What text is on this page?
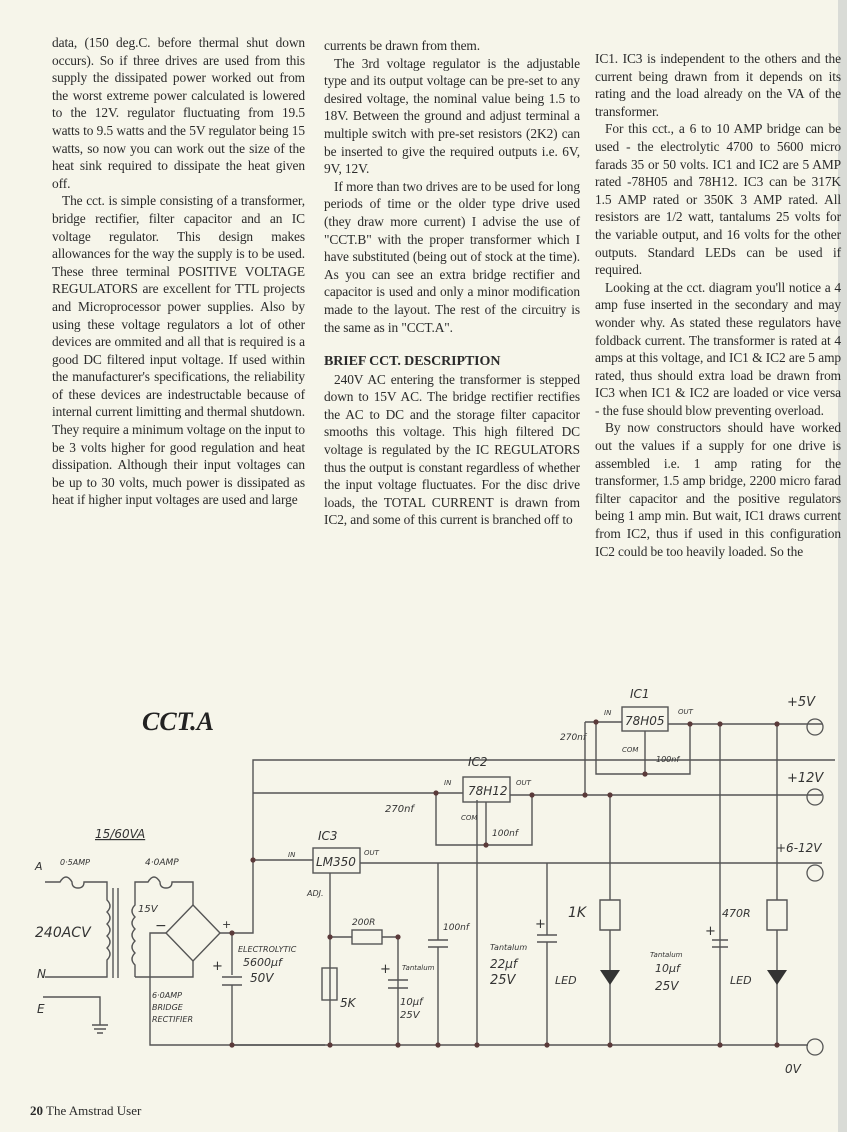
data, (150 deg.C. before thermal shut down occurs). So if three drives are used from this supply the dissipated power worked out from the worst extreme power calculated is lowered to the 12V. regulator fluctuating from 19.5 watts to 9.5 watts and the 5V regulator being 15 watts, so now you can work out the size of the heat sink required to dissipate the heat given off.

The cct. is simple consisting of a transformer, bridge rectifier, filter capacitor and an IC voltage regulator. This design makes allowances for the way the supply is to be used. These three terminal POSITIVE VOLTAGE REGULATORS are excellent for TTL projects and Microprocessor power supplies. Also by using these voltage regulators a lot of other devices are ommited and all that is required is a good DC filtered input voltage. If used within the manufacturer's specifications, the reliability of these devices are indestructable because of internal current limitting and thermal shutdown. They require a minimum voltage on the input to be 3 volts higher for good regulation and heat dissipation. Although their input voltages can be up to 30 volts, much power is dissipated as heat if higher input voltages are used and large

currents be drawn from them.

The 3rd voltage regulator is the adjustable type and its output voltage can be pre-set to any desired voltage, the nominal value being 1.5 to 18V. Between the ground and adjust terminal a multiple switch with pre-set resistors (2K2) can be inserted to give the required outputs i.e. 6V, 9V, 12V.

If more than two drives are to be used for long periods of time or the older type drive used (they draw more current) I advise the use of "CCT.B" with the proper transformer which I have substituted (being out of stock at the time). As you can see an extra bridge rectifier and capacitor is used and only a minor modification made to the layout. The rest of the circuitry is the same as in "CCT.A".

BRIEF CCT. DESCRIPTION

240V AC entering the transformer is stepped down to 15V AC. The bridge rectifier rectifies the AC to DC and the storage filter capacitor smooths this voltage. This high filtered DC voltage is regulated by the IC REGULATORS thus the output is constant regardless of whether the input voltage fluctuates. For the disc drive loads, the TOTAL CURRENT is drawn from IC2, and some of this current is branched off to

IC1. IC3 is independent to the others and the current being drawn from it depends on its rating and the load already on the VA of the transformer.

For this cct., a 6 to 10 AMP bridge can be used - the electrolytic 4700 to 5600 micro farads 35 or 50 volts. IC1 and IC2 are 5 AMP rated -78H05 and 78H12. IC3 can be 317K 1.5 AMP rated or 350K 3 AMP rated. All resistors are 1/2 watt, tantalums 25 volts for the variable output, and 16 volts for the other outputs. Standard LEDs can be used if required.

Looking at the cct. diagram you'll notice a 4 amp fuse inserted in the secondary and may wonder why. As stated these regulators have foldback current. The transformer is rated at 4 amps at this voltage, and IC1 & IC2 are 5 amp rated, thus should extra load be drawn from IC3 when IC1 & IC2 are loaded or vice versa - the fuse should blow preventing overload.

By now constructors should have worked out the values if a supply for one drive is assembled i.e. 1 amp rating for the transformer, 1.5 amp bridge, 2200 micro farad filter capacitor and the positive regulators being 1 amp min. But wait, IC1 draws current from IC2, thus if used in this configuration IC2 could be too heavily loaded. So the

CCT.A
15/60VA
A 0·5AMP	4·0AMP
240ACV
15V
N
E
−	+
6·0AMP
BRIDGE
RECTIFIER
+
ELECTROLYTIC
5600µf
50V
IC3
LM350
IN	OUT
ADJ.
200R
5K
+ Tantalum
10µf
25V
100nf
Tantalum
22µf
25V
+
IC2
78H12
IN	OUT
COM
270nf
100nf
IC1
78H05
IN	OUT
COM
270nf
100nf
1K
LED
470R
LED
+
Tantalum
10µf
25V
+5V
+12V
+6-12V
0V
20 The Amstrad User
